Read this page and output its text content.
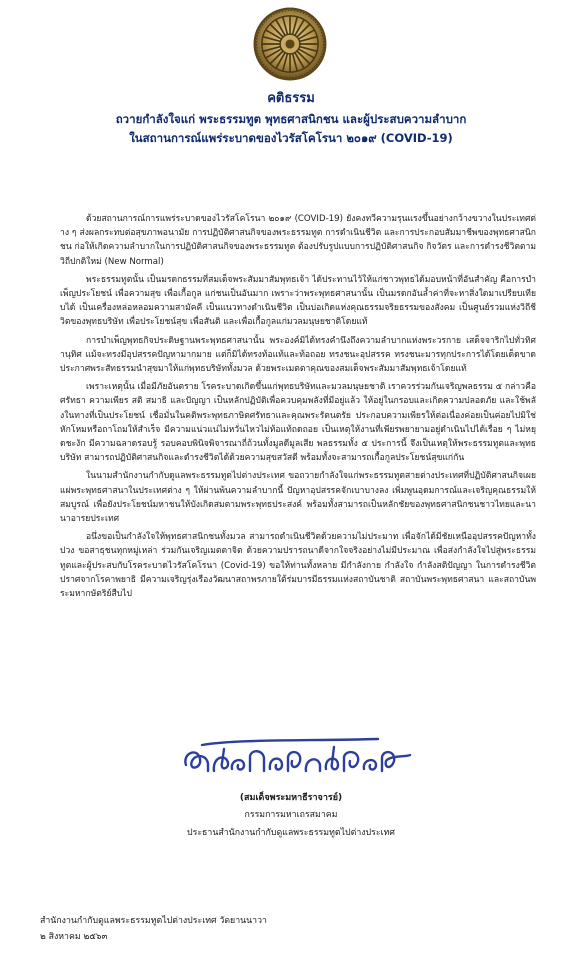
คติธรรม
ถวายกำลังใจแก่ พระธรรมทูต พุทธศาสนิกชน และผู้ประสบความลำบาก
ในสถานการณ์แพร่ระบาดของไวรัสโคโรนา ๒๐๑๙ (COVID-19)

ด้วยสถานการณ์การแพร่ระบาดของไวรัสโคโรนา ๒๐๑๙ (COVID-19) ยังคงทวีความรุนแรงขึ้นอย่างกว้างขวางในประเทศต่าง ๆ ส่งผลกระทบต่อสุขภาพอนามัย การปฏิบัติศาสนกิจของพระธรรมทูต การดำเนินชีวิต และการประกอบสัมมาชีพของพุทธศาสนิกชน ก่อให้เกิดความลำบากในการปฏิบัติศาสนกิจของพระธรรมทูต ต้องปรับรูปแบบการปฏิบัติศาสนกิจ กิจวัตร และการดำรงชีวิตตามวิถีปกติใหม่ (New Normal)

พระธรรมทูตนั้น เป็นมรดกธรรมที่สมเด็จพระสัมมาสัมพุทธเจ้า ได้ประทานไว้ให้แก่ชาวพุทธได้มอบหน้าที่อันสำคัญ คือการบำเพ็ญประโยชน์ เพื่อความสุข เพื่อเกื้อกูล แก่ชนเป็นอันมาก เพราะว่าพระพุทธศาสนานั้น เป็นมรดกอันล้ำค่าที่จะหาสิ่งใดมาเปรียบเทียบได้ เป็นเครื่องหล่อหลอมความสามัคคี เป็นแนวทางดำเนินชีวิต เป็นบ่อเกิดแห่งคุณธรรมจริยธรรมของสังคม เป็นศูนย์รวมแห่งวิถีชีวิตของพุทธบริษัท เพื่อประโยชน์สุข เพื่อสันติ และเพื่อเกื้อกูลแก่มวลมนุษยชาติโดยแท้

การบำเพ็ญพุทธกิจประดิษฐานพระพุทธศาสนานั้น พระองค์มิได้ทรงคำนึงถึงความลำบากแห่งพระวรกาย เสด็จจาริกไปทั่วทิศานุทิศ แม้จะทรงมีอุปสรรคปัญหามากมาย แต่ก็มิได้ทรงท้อแท้และท้อถอย ทรงชนะอุปสรรค ทรงชนะมารทุกประการได้โดยเด็ดขาด ประกาศพระสัทธรรมนำสุขมาให้แก่พุทธบริษัททั้งมวล ด้วยพระเมตตาคุณของสมเด็จพระสัมมาสัมพุทธเจ้าโดยแท้

เพราะเหตุนั้น เมื่อมีภัยอันตราย โรคระบาดเกิดขึ้นแก่พุทธบริษัทและมวลมนุษยชาติ เราควรร่วมกันเจริญพลธรรม ๕ กล่าวคือ ศรัทธา ความเพียร สติ สมาธิ และปัญญา เป็นหลักปฏิบัติเพื่อควบคุมพลังที่มีอยู่แล้ว ให้อยู่ในกรอบและเกิดความปลอดภัย และใช้พลังในทางที่เป็นประโยชน์ เชื่อมั่นในคติพระพุทธภาษิตศรัทธาและคุณพระรัตนตรัย ประกอบความเพียรให้ต่อเนื่องค่อยเป็นค่อยไปมิใช่หักโหมหรือถาโถมให้สำเร็จ มีความแน่วแน่ไม่หวั่นไหวไม่ท้อแท้ถดถอย เป็นเหตุให้งานที่เพียรพยายามอยู่ดำเนินไปได้เรื่อย ๆ ไม่หยุดชะงัก มีความฉลาดรอบรู้ รอบคอบพินิจพิจารณาถี่ถ้วนทั้งมูลดีมูลเสีย พลธรรมทั้ง ๕ ประการนี้ จึงเป็นเหตุให้พระธรรมทูตและพุทธบริษัท สามารถปฏิบัติศาสนกิจและดำรงชีวิตได้ด้วยความสุขสวัสดี พร้อมทั้งจะสามารถเกื้อกูลประโยชน์สุขแก่กัน

ในนามสำนักงานกำกับดูแลพระธรรมทูตไปต่างประเทศ ขอถวายกำลังใจแก่พระธรรมทูตสายต่างประเทศที่ปฏิบัติศาสนกิจเผยแผ่พระพุทธศาสนาในประเทศต่าง ๆ ให้ผ่านพ้นความลำบากนี้ ปัญหาอุปสรรคจักเบาบางลง เพิ่มพูนอุดมการณ์และเจริญคุณธรรมให้สมบูรณ์ เพื่อยังประโยชน์มหาชนให้บังเกิดสมตามพระพุทธประสงค์ พร้อมทั้งสามารถเป็นหลักชัยของพุทธศาสนิกชนชาวไทยและนานาอารยประเทศ

อนึ่งขอเป็นกำลังใจให้พุทธศาสนิกชนทั้งมวล สามารถดำเนินชีวิตด้วยความไม่ประมาท เพื่อจักได้มีชัยเหนืออุปสรรคปัญหาทั้งปวง ขอสาธุชนทุกหมู่เหล่า ร่วมกันเจริญเมตตาจิต ด้วยความปรารถนาดีจากใจจริงอย่างไม่มีประมาณ เพื่อส่งกำลังใจไปสู่พระธรรมทูตและผู้ประสบกับโรคระบาดไวรัสโคโรนา (Covid-19) ขอให้ท่านทั้งหลาย มีกำลังกาย กำลังใจ กำลังสติปัญญา ในการดำรงชีวิต ปราศจากโรคาพยาธิ มีความเจริญรุ่งเรืองวัฒนาสถาพรภายใต้ร่มบารมีธรรมแห่งสถาบันชาติ สถาบันพระพุทธศาสนา และสถาบันพระมหากษัตริย์สืบไป

(สมเด็จพระมหาธีราจารย์)
กรรมการมหาเถรสมาคม
ประธานสำนักงานกำกับดูแลพระธรรมทูตไปต่างประเทศ
สำนักงานกำกับดูแลพระธรรมทูตไปต่างประเทศ วัดยานนาวา
๒ สิงหาคม ๒๕๖๓
